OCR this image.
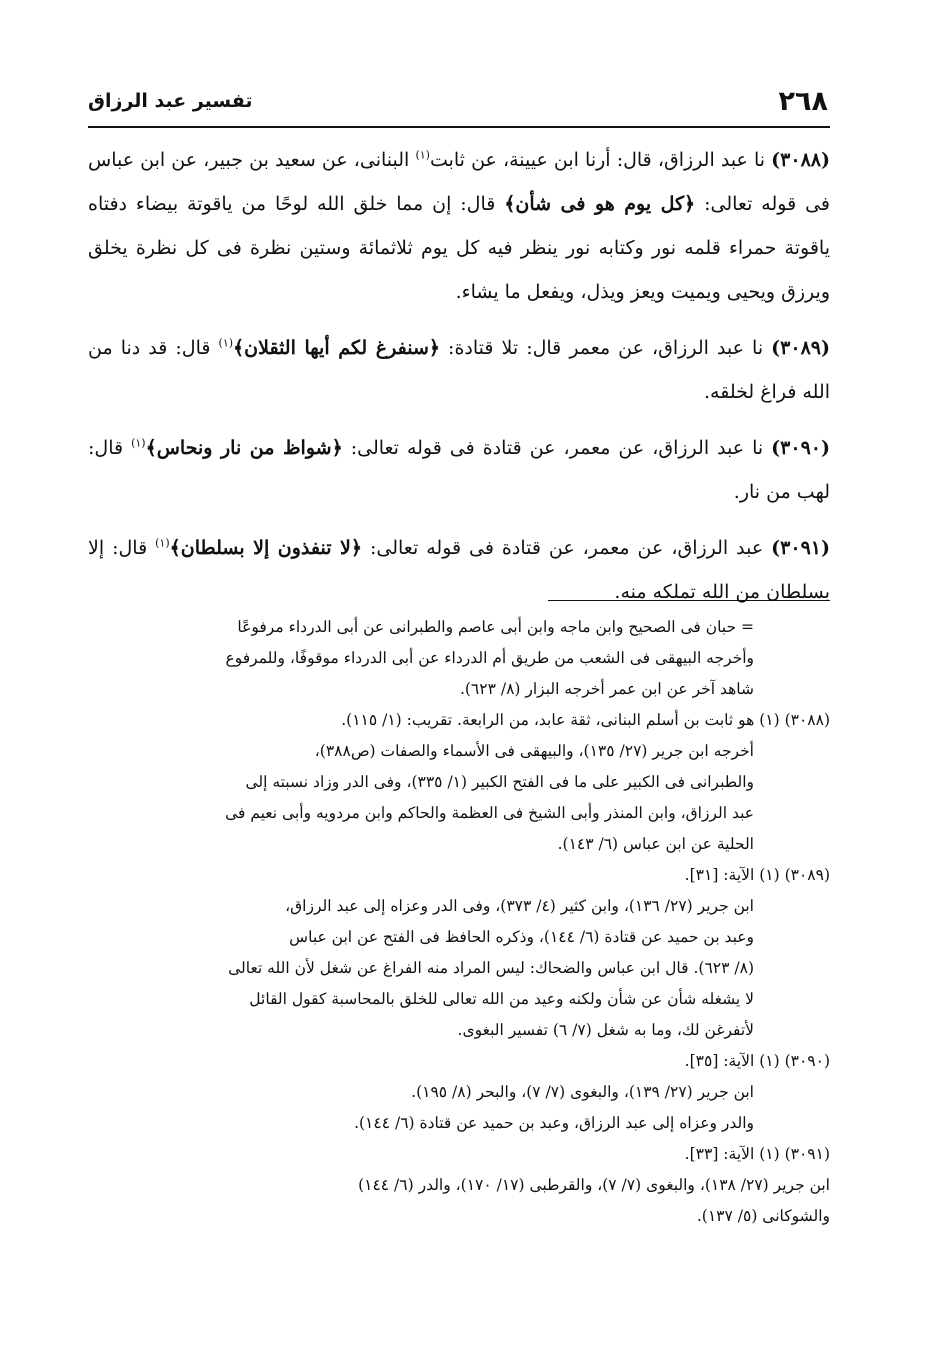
٢٦٨
تفسير عبد الرزاق

(٣٠٨٨) نا عبد الرزاق، قال: أرنا ابن عيينة، عن ثابت$^{(١)}$ البنانى، عن سعيد بن جبير، عن ابن عباس فى قوله تعالى: ﴿كل يوم هو فى شأن﴾ قال: إن مما خلق الله لوحًا من ياقوتة بيضاء دفتاه ياقوتة حمراء قلمه نور وكتابه نور ينظر فيه كل يوم ثلاثمائة وستين نظرة فى كل نظرة يخلق ويرزق ويحيى ويميت ويعز ويذل، ويفعل ما يشاء.

(٣٠٨٩) نا عبد الرزاق، عن معمر قال: تلا قتادة: ﴿سنفرغ لكم أيها الثقلان﴾$^{(١)}$ قال: قد دنا من الله فراغ لخلقه.

(٣٠٩٠) نا عبد الرزاق، عن معمر، عن قتادة فى قوله تعالى: ﴿شواظ من نار ونحاس﴾$^{(١)}$ قال: لهب من نار.

(٣٠٩١) عبد الرزاق، عن معمر، عن قتادة فى قوله تعالى: ﴿لا تنفذون إلا بسلطان﴾$^{(١)}$ قال: إلا بسلطان من الله تملكه منه.

= حبان فى الصحيح وابن ماجه وابن أبى عاصم والطبرانى عن أبى الدرداء مرفوعًا

وأخرجه البيهقى فى الشعب من طريق أم الدرداء عن أبى الدرداء موقوفًا، وللمرفوع

شاهد آخر عن ابن عمر أخرجه البزار (٨/ ٦٢٣).

(٣٠٨٨) (١) هو ثابت بن أسلم البنانى، ثقة عابد، من الرابعة. تقريب: (١/ ١١٥).

أخرجه ابن جرير (٢٧/ ١٣٥)، والبيهقى فى الأسماء والصفات (ص٣٨٨)،

والطبرانى فى الكبير على ما فى الفتح الكبير (١/ ٣٣٥)، وفى الدر وزاد نسبته إلى

عبد الرزاق، وابن المنذر وأبى الشيخ فى العظمة والحاكم وابن مردويه وأبى نعيم فى

الحلية عن ابن عباس (٦/ ١٤٣).

(٣٠٨٩) (١) الآية: [٣١].

ابن جرير (٢٧/ ١٣٦)، وابن كثير (٤/ ٣٧٣)، وفى الدر وعزاه إلى عبد الرزاق،

وعبد بن حميد عن قتادة (٦/ ١٤٤)، وذكره الحافظ فى الفتح عن ابن عباس

(٨/ ٦٢٣). قال ابن عباس والضحاك: ليس المراد منه الفراغ عن شغل لأن الله تعالى

لا يشغله شأن عن شأن ولكنه وعيد من الله تعالى للخلق بالمحاسبة كقول القائل

لأتفرغن لك، وما به شغل (٧/ ٦) تفسير البغوى.

(٣٠٩٠) (١) الآية: [٣٥].

ابن جرير (٢٧/ ١٣٩)، والبغوى (٧/ ٧)، والبحر (٨/ ١٩٥).

والدر وعزاه إلى عبد الرزاق، وعبد بن حميد عن قتادة (٦/ ١٤٤).

(٣٠٩١) (١) الآية: [٣٣].

ابن جرير (٢٧/ ١٣٨)، والبغوى (٧/ ٧)، والقرطبى (١٧/ ١٧٠)، والدر (٦/ ١٤٤)

والشوكانى (٥/ ١٣٧).
